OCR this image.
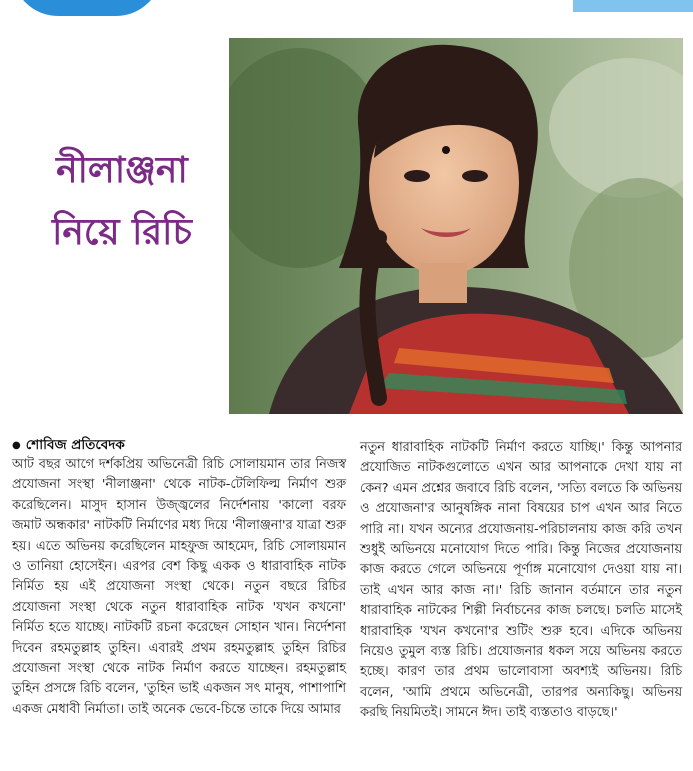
নীলাঞ্জনা
নিয়ে রিচি
● শোবিজ প্রতিবেদক

আট বছর আগে দর্শকপ্রিয় অভিনেত্রী রিচি সোলায়মান তার নিজস্ব প্রযোজনা সংস্থা 'নীলাঞ্জনা' থেকে নাটক-টেলিফিল্ম নির্মাণ শুরু করেছিলেন। মাসুদ হাসান উজ্জ্বলের নির্দেশনায় 'কালো বরফ জমাট অন্ধকার' নাটকটি নির্মাণের মধ্য দিয়ে 'নীলাঞ্জনা'র যাত্রা শুরু হয়। এতে অভিনয় করেছিলেন মাহফুজ আহমেদ, রিচি সোলায়মান ও তানিয়া হোসেইন। এরপর বেশ কিছু একক ও ধারাবাহিক নাটক নির্মিত হয় এই প্রযোজনা সংস্থা থেকে। নতুন বছরে রিচির প্রযোজনা সংস্থা থেকে নতুন ধারাবাহিক নাটক 'যখন কখনো' নির্মিত হতে যাচ্ছে। নাটকটি রচনা করেছেন সোহান খান। নির্দেশনা দিবেন রহমতুল্লাহ তুহিন। এবারই প্রথম রহমতুল্লাহ তুহিন রিচির প্রযোজনা সংস্থা থেকে নাটক নির্মাণ করতে যাচ্ছেন। রহমতুল্লাহ তুহিন প্রসঙ্গে রিচি বলেন, 'তুহিন ভাই একজন সৎ মানুষ, পাশাপাশি একজ মেধাবী নির্মাতা। তাই অনেক ভেবে-চিন্তে তাকে দিয়ে আমার

নতুন ধারাবাহিক নাটকটি নির্মাণ করতে যাচ্ছি।' কিন্তু আপনার প্রযোজিত নাটকগুলোতে এখন আর আপনাকে দেখা যায় না কেন? এমন প্রশ্নের জবাবে রিচি বলেন, 'সত্যি বলতে কি অভিনয় ও প্রযোজনা'র আনুষঙ্গিক নানা বিষয়ের চাপ এখন আর নিতে পারি না। যখন অন্যের প্রযোজনায়-পরিচালনায় কাজ করি তখন শুধুই অভিনয়ে মনোযোগ দিতে পারি। কিন্তু নিজের প্রযোজনায় কাজ করতে গেলে অভিনয়ে পূর্ণাঙ্গ মনোযোগ দেওয়া যায় না। তাই এখন আর কাজ না।' রিচি জানান বর্তমানে তার নতুন ধারাবাহিক নাটকের শিল্পী নির্বাচনের কাজ চলছে। চলতি মাসেই ধারাবাহিক 'যখন কখনো'র শুটিং শুরু হবে। এদিকে অভিনয় নিয়েও তুমুল ব্যস্ত রিচি। প্রযোজনার ধকল সয়ে অভিনয় করতে হচ্ছে। কারণ তার প্রথম ভালোবাসা অবশ্যই অভিনয়। রিচি বলেন, 'আমি প্রথমে অভিনেত্রী, তারপর অন্যকিছু। অভিনয় করছি নিয়মিতই। সামনে ঈদ। তাই ব্যস্ততাও বাড়ছে।'
